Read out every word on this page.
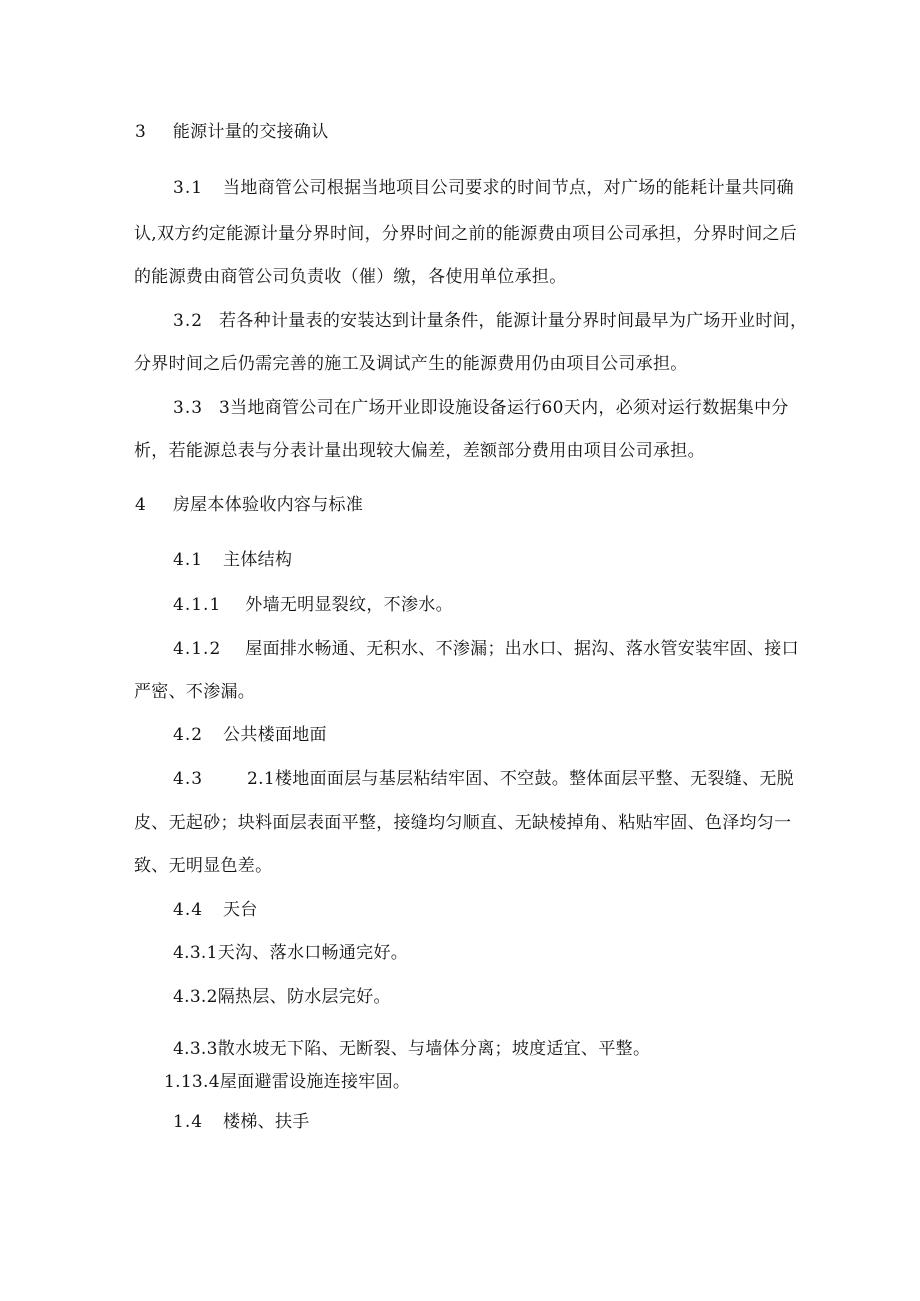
3 能源计量的交接确认
3.1 当地商管公司根据当地项目公司要求的时间节点，对广场的能耗计量共同确
认,双方约定能源计量分界时间，分界时间之前的能源费由项目公司承担，分界时间之后
的能源费由商管公司负责收（催）缴，各使用单位承担。
3.2 若各种计量表的安装达到计量条件，能源计量分界时间最早为广场开业时间，
分界时间之后仍需完善的施工及调试产生的能源费用仍由项目公司承担。
3.3 3当地商管公司在广场开业即设施设备运行60天内，必须对运行数据集中分
析，若能源总表与分表计量出现较大偏差，差额部分费用由项目公司承担。
4 房屋本体验收内容与标准
4.1 主体结构
4.1.1 外墙无明显裂纹，不渗水。
4.1.2 屋面排水畅通、无积水、不渗漏；出水口、据沟、落水管安装牢固、接口
严密、不渗漏。
4.2 公共楼面地面
4.3	2.1楼地面面层与基层粘结牢固、不空鼓。整体面层平整、无裂缝、无脱
皮、无起砂；块料面层表面平整，接缝均匀顺直、无缺棱掉角、粘贴牢固、色泽均匀一
致、无明显色差。
4.4 天台
4.3.1天沟、落水口畅通完好。
4.3.2隔热层、防水层完好。
4.3.3散水坡无下陷、无断裂、与墙体分离；坡度适宜、平整。
1.13.4屋面避雷设施连接牢固。
1.4 楼梯、扶手
